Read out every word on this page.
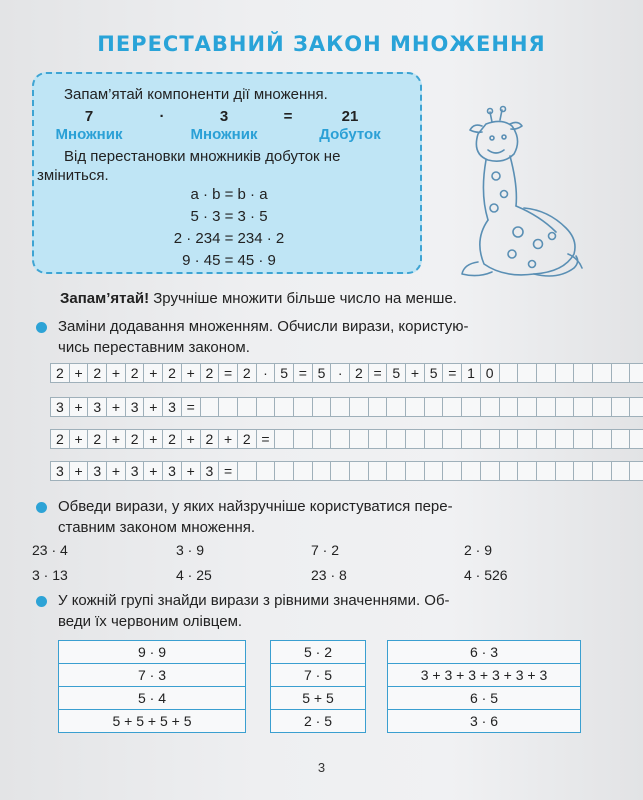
ПЕРЕСТАВНИЙ ЗАКОН МНОЖЕННЯ
Запам’ятай компоненти дії множення.
7	·	3	=	21
Множник	Множник	Добуток
Від перестановки множників добуток не
зміниться.
a · b = b · a
5 · 3 = 3 · 5
2 · 234 = 234 · 2
9 · 45 = 45 · 9
Запам’ятай! Зручніше множити більше число на менше.
Заміни додавання множенням. Обчисли вирази, користую-
чись переставним законом.
2 + 2 + 2 + 2 + 2 = 2 · 5 = 5 · 2 = 5 + 5 = 1 0
3 + 3 + 3 + 3 =
2 + 2 + 2 + 2 + 2 + 2 =
3 + 3 + 3 + 3 + 3 =
Обведи вирази, у яких найзручніше користуватися пере-
ставним законом множення.
23 · 4	3 · 9	7 · 2	2 · 9
3 · 13	4 · 25	23 · 8	4 · 526
У кожній групі знайди вирази з рівними значеннями. Об-
веди їх червоним олівцем.
9 · 9
7 · 3
5 · 4
5 + 5 + 5 + 5
5 · 2
7 · 5
5 + 5
2 · 5
6 · 3
3 + 3 + 3 + 3 + 3 + 3
6 · 5
3 · 6
3
